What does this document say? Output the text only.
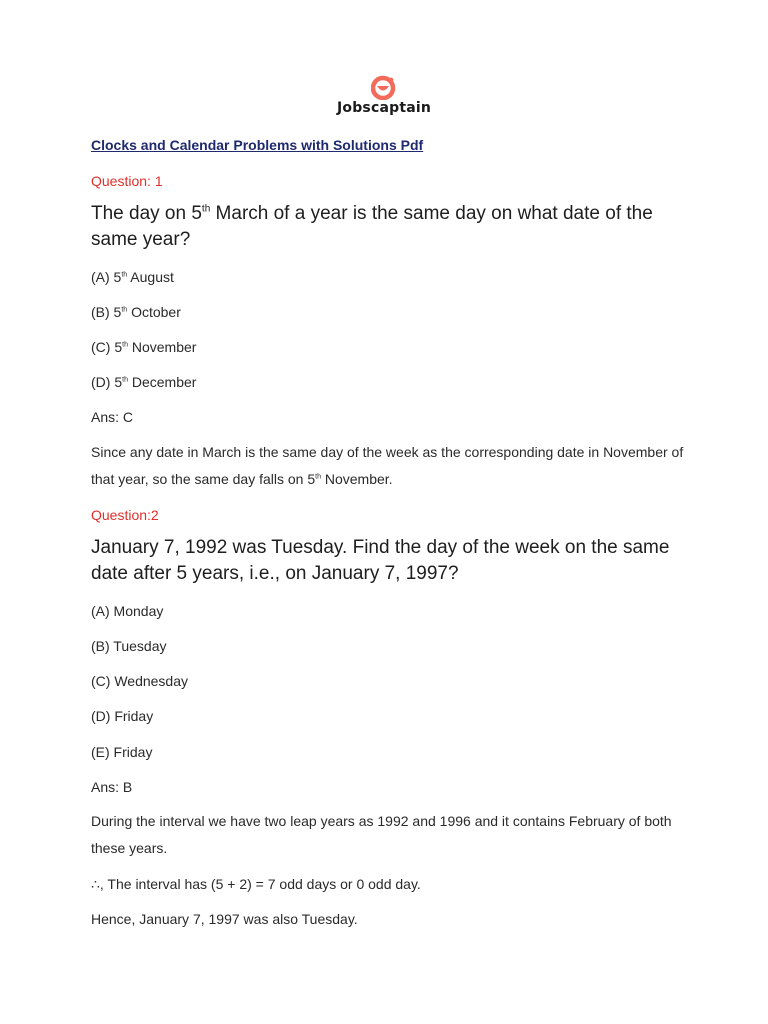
Jobscaptain
Clocks and Calendar Problems with Solutions Pdf
Question: 1
The day on 5th March of a year is the same day on what date of the same year?
(A) 5th August
(B) 5th October
(C) 5th November
(D) 5th December
Ans: C
Since any date in March is the same day of the week as the corresponding date in November of that year, so the same day falls on 5th November.
Question:2
January 7, 1992 was Tuesday. Find the day of the week on the same date after 5 years, i.e., on January 7, 1997?
(A) Monday
(B) Tuesday
(C) Wednesday
(D) Friday
(E) Friday
Ans: B
During the interval we have two leap years as 1992 and 1996 and it contains February of both these years.
∴, The interval has (5 + 2) = 7 odd days or 0 odd day.
Hence, January 7, 1997 was also Tuesday.
